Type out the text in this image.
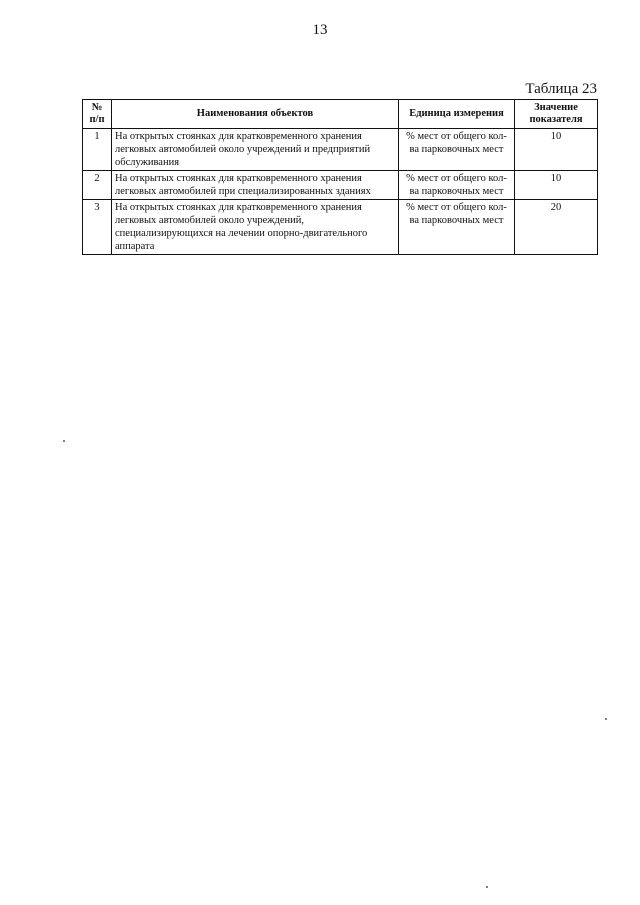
13
Таблица 23
№ п/п	Наименования объектов	Единица измерения	Значение показателя
1	На открытых стоянках для кратковременного хранения легковых автомобилей около учреждений и предприятий обслуживания	% мест от общего кол-ва парковочных мест	10
2	На открытых стоянках для кратковременного хранения легковых автомобилей при специализированных зданиях	% мест от общего кол-ва парковочных мест	10
3	На открытых стоянках для кратковременного хранения легковых автомобилей около учреждений, специализирующихся на лечении опорно-двигательного аппарата	% мест от общего кол-ва парковочных мест	20
